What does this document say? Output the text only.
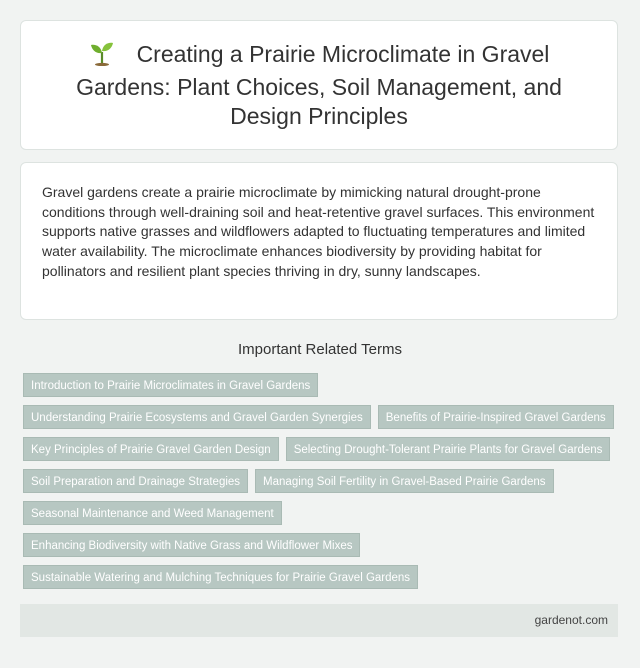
Creating a Prairie Microclimate in Gravel Gardens: Plant Choices, Soil Management, and Design Principles

Gravel gardens create a prairie microclimate by mimicking natural drought-prone conditions through well-draining soil and heat-retentive gravel surfaces. This environment supports native grasses and wildflowers adapted to fluctuating temperatures and limited water availability. The microclimate enhances biodiversity by providing habitat for pollinators and resilient plant species thriving in dry, sunny landscapes.

Important Related Terms
Introduction to Prairie Microclimates in Gravel Gardens
Understanding Prairie Ecosystems and Gravel Garden Synergies	Benefits of Prairie-Inspired Gravel Gardens
Key Principles of Prairie Gravel Garden Design	Selecting Drought-Tolerant Prairie Plants for Gravel Gardens
Soil Preparation and Drainage Strategies	Managing Soil Fertility in Gravel-Based Prairie Gardens
Seasonal Maintenance and Weed Management
Enhancing Biodiversity with Native Grass and Wildflower Mixes
Sustainable Watering and Mulching Techniques for Prairie Gravel Gardens
gardenot.com
